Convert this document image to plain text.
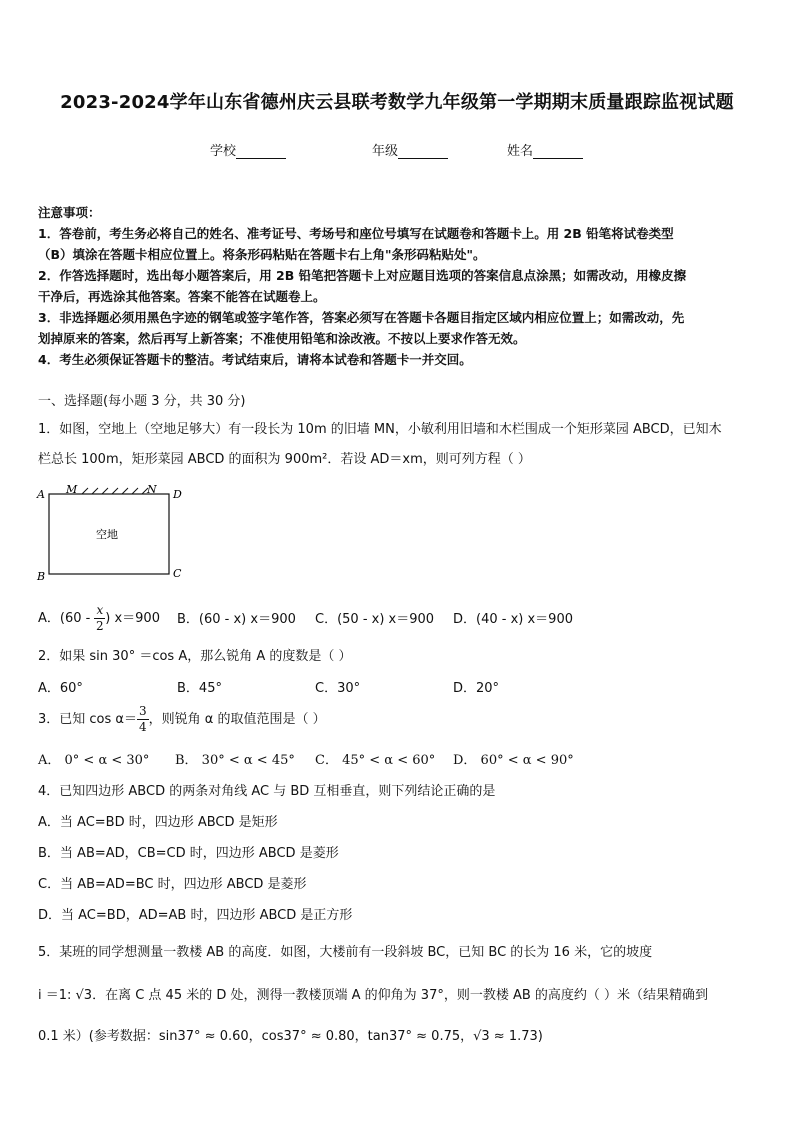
2023-2024学年山东省德州庆云县联考数学九年级第一学期期末质量跟踪监视试题
学校	年级	姓名
注意事项：
1．答卷前，考生务必将自己的姓名、准考证号、考场号和座位号填写在试题卷和答题卡上。用 2B 铅笔将试卷类型
（B）填涂在答题卡相应位置上。将条形码粘贴在答题卡右上角"条形码粘贴处"。
2．作答选择题时，选出每小题答案后，用 2B 铅笔把答题卡上对应题目选项的答案信息点涂黑；如需改动，用橡皮擦
干净后，再选涂其他答案。答案不能答在试题卷上。
3．非选择题必须用黑色字迹的钢笔或签字笔作答，答案必须写在答题卡各题目指定区域内相应位置上；如需改动，先
划掉原来的答案，然后再写上新答案；不准使用铅笔和涂改液。不按以上要求作答无效。
4．考生必须保证答题卡的整洁。考试结束后，请将本试卷和答题卡一并交回。
一、选择题(每小题 3 分，共 30 分)
1．如图，空地上（空地足够大）有一段长为 10m 的旧墙 MN，小敏利用旧墙和木栏围成一个矩形菜园 ABCD，已知木
栏总长 100m，矩形菜园 ABCD 的面积为 900m²．若设 AD＝xm，则可列方程（ ）
A M	N D
B	C
空地
A．($60 - \frac{x}{2}$ ) x＝900 B．(60 - x) x＝900 C．(50 - x) x＝900 D．(40 - x) x＝900
2．如果 sin 30° ＝cos A，那么锐角 A 的度数是（ ）
A．60°	B．45°	C．30°	D．20°
3．已知 $\cos \alpha= \frac{3}{4}$ ，则锐角 α 的取值范围是（ ）
A． 0° < α < 30° B． 30° < α < 45° C． 45° < α < 60° D． 60° < α < 90°
4．已知四边形 ABCD 的两条对角线 AC 与 BD 互相垂直，则下列结论正确的是
A．当 AC=BD 时，四边形 ABCD 是矩形
B．当 AB=AD，CB=CD 时，四边形 ABCD 是菱形
C．当 AB=AD=BC 时，四边形 ABCD 是菱形
D．当 AC=BD，AD=AB 时，四边形 ABCD 是正方形
5．某班的同学想测量一教楼 AB 的高度．如图，大楼前有一段斜坡 BC，已知 BC 的长为 16 米，它的坡度
i ＝1: √3．在离 C 点 45 米的 D 处，测得一教楼顶端 A 的仰角为 37°，则一教楼 AB 的高度约（ ）米（结果精确到
0.1 米）(参考数据：sin37° ≈ 0.60，cos37° ≈ 0.80，tan37° ≈ 0.75，√3 ≈ 1.73)
